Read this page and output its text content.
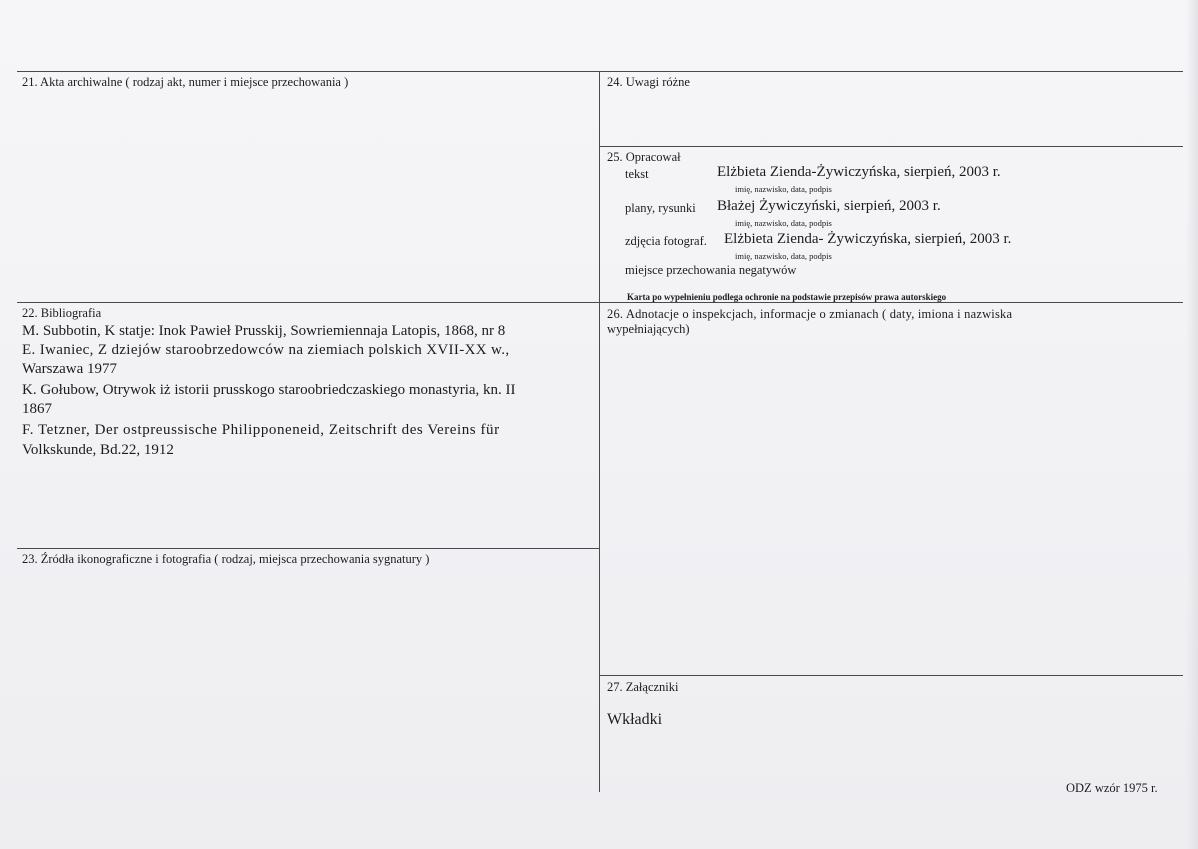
21. Akta archiwalne ( rodzaj akt, numer i miejsce przechowania )
22. Bibliografia
M. Subbotin, K statje: Inok Pawieł Prusskij, Sowriemiennaja Latopis, 1868, nr 8
E. Iwaniec, Z dziejów staroobrzedowców na ziemiach polskich XVII-XX w.,
Warszawa 1977
K. Gołubow, Otrywok iż istorii prusskogo staroobriedczaskiego monastyria, kn. II
1867
F. Tetzner, Der ostpreussische Philipponeneid, Zeitschrift des Vereins für
Volkskunde, Bd.22, 1912
23. Źródła ikonograficzne i fotografia ( rodzaj, miejsca przechowania sygnatury )
24. Uwagi różne
25. Opracował
tekst	Elżbieta Zienda-Żywiczyńska, sierpień, 2003 r.
imię, nazwisko, data, podpis
plany, rysunki Błażej Żywiczyński, sierpień, 2003 r.
imię, nazwisko, data, podpis
zdjęcia fotograf. Elżbieta Zienda- Żywiczyńska, sierpień, 2003 r.
imię, nazwisko, data, podpis
miejsce przechowania negatywów
Karta po wypełnieniu podlega ochronie na podstawie przepisów prawa autorskiego
26. Adnotacje o inspekcjach, informacje o zmianach ( daty, imiona i nazwiska
wypełniających)
27. Załączniki
Wkładki
ODZ wzór 1975 r.
